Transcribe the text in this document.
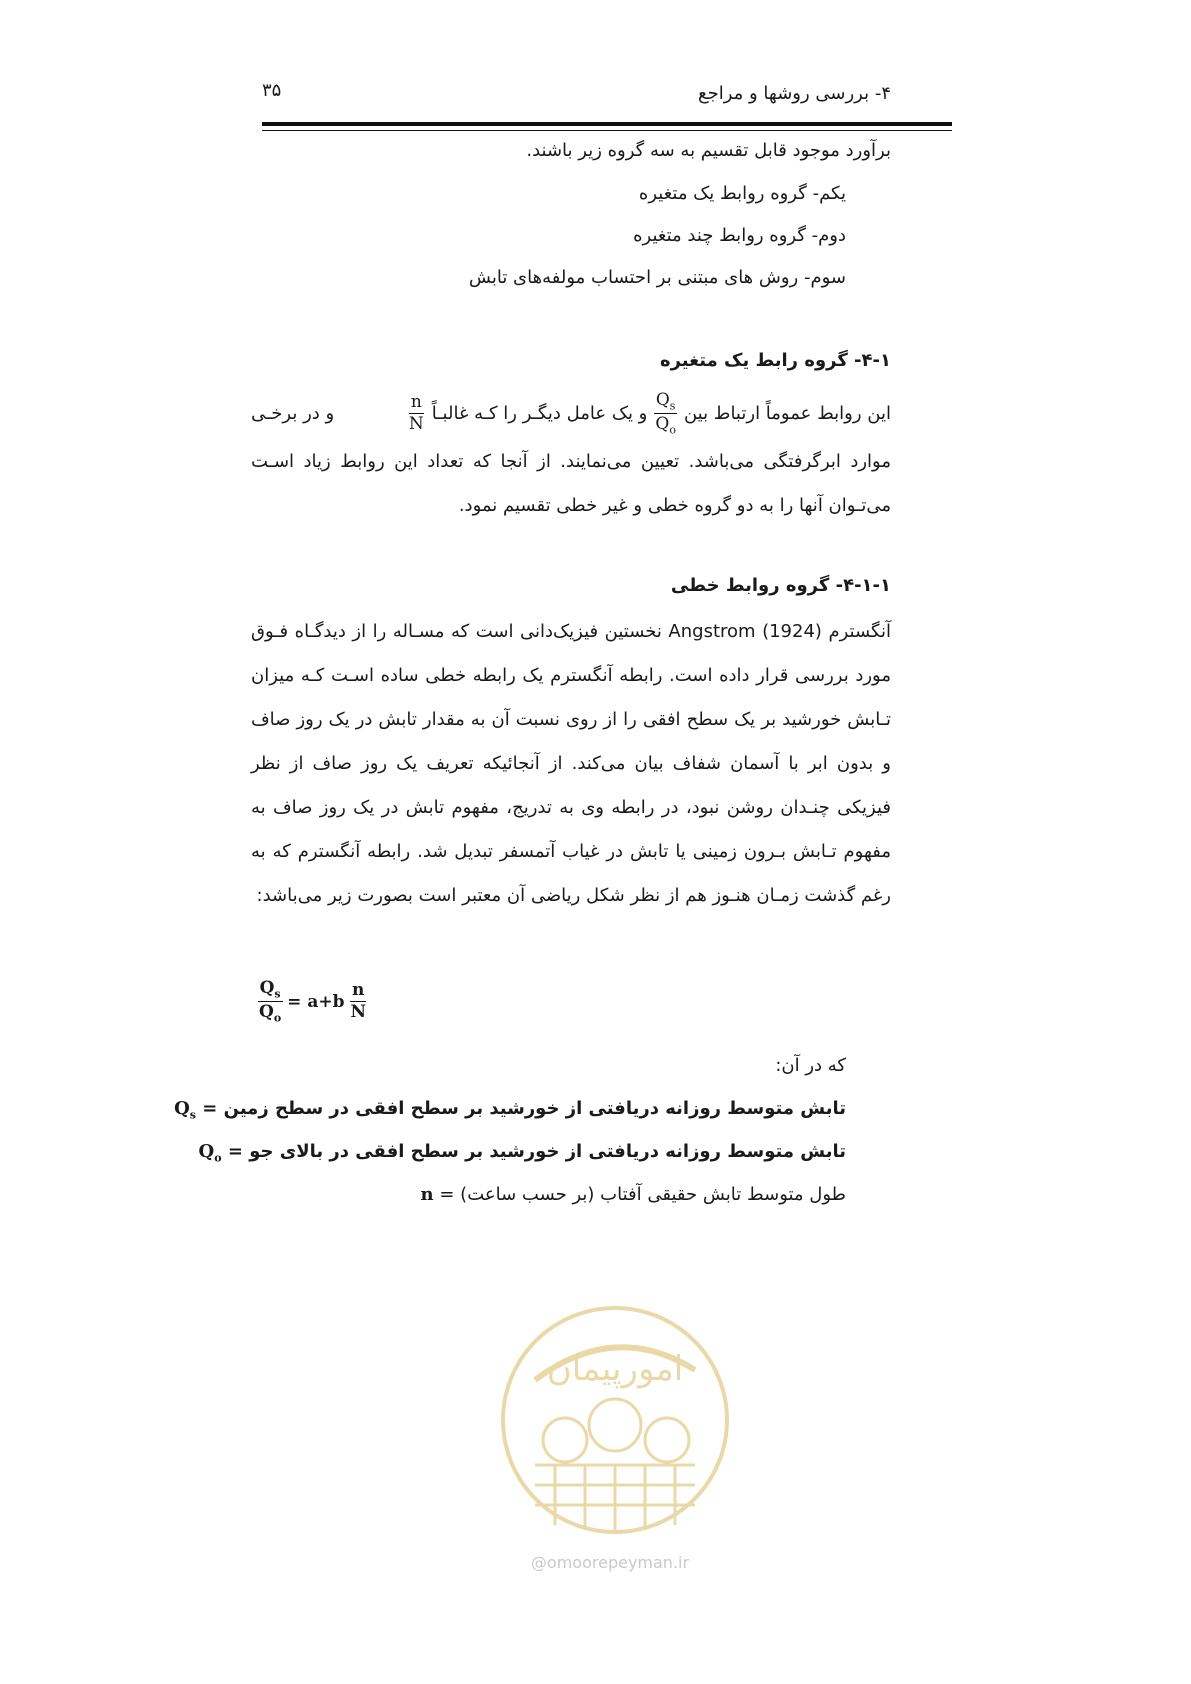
۴- بررسی روشها و مراجع
۳۵
برآورد موجود قابل تقسیم به سه گروه زیر باشند.
یکم- گروه روابط یک متغیره
دوم- گروه روابط چند متغیره
سوم- روش های مبتنی بر احتساب مولفه‌های تابش
۴-۱- گروه رابط یک متغیره
این روابط عموماً ارتباط بین
$\frac{Q_s}{Q_o}$
و یک عامل دیگـر را کـه غالبـاً
$\frac{n}{N}$
و در برخـی
موارد ابرگرفتگی می‌باشد. تعیین می‌نمایند. از آنجا که تعداد این روابط زیاد اسـت می‌تـوان آنها را به دو گروه خطی و غیر خطی تقسیم نمود.
۴-۱-۱- گروه روابط خطی
آنگسترم (1924) Angstrom نخستین فیزیک‌دانی است که مسـاله را از دیدگـاه فـوق مورد بررسی قرار داده است. رابطه آنگسترم یک رابطه خطی ساده اسـت کـه میزان تـابش خورشید بر یک سطح افقی را از روی نسبت آن به مقدار تابش در یک روز صاف و بدون ابر با آسمان شفاف بیان می‌کند. از آنجائیکه تعریف یک روز صاف از نظر فیزیکی چنـدان روشن نبود، در رابطه وی به تدریج، مفهوم تابش در یک روز صاف به مفهوم تـابش بـرون زمینی یا تابش در غیاب آتمسفر تبدیل شد. رابطه آنگسترم که به رغم گذشت زمـان هنـوز هم از نظر شکل ریاضی آن معتبر است بصورت زیر می‌باشد:
$\frac{Q_s}{Q_o} = a+b \frac{n}{N}$
که در آن:
$Q_s$ = تابش متوسط روزانه دریافتی از خورشید بر سطح افقی در سطح زمین
$Q_o$ = تابش متوسط روزانه دریافتی از خورشید بر سطح افقی در بالای جو
n = طول متوسط تابش حقیقی آفتاب (بر حسب ساعت)
امورپیمان
@omoorepeyman.ir
